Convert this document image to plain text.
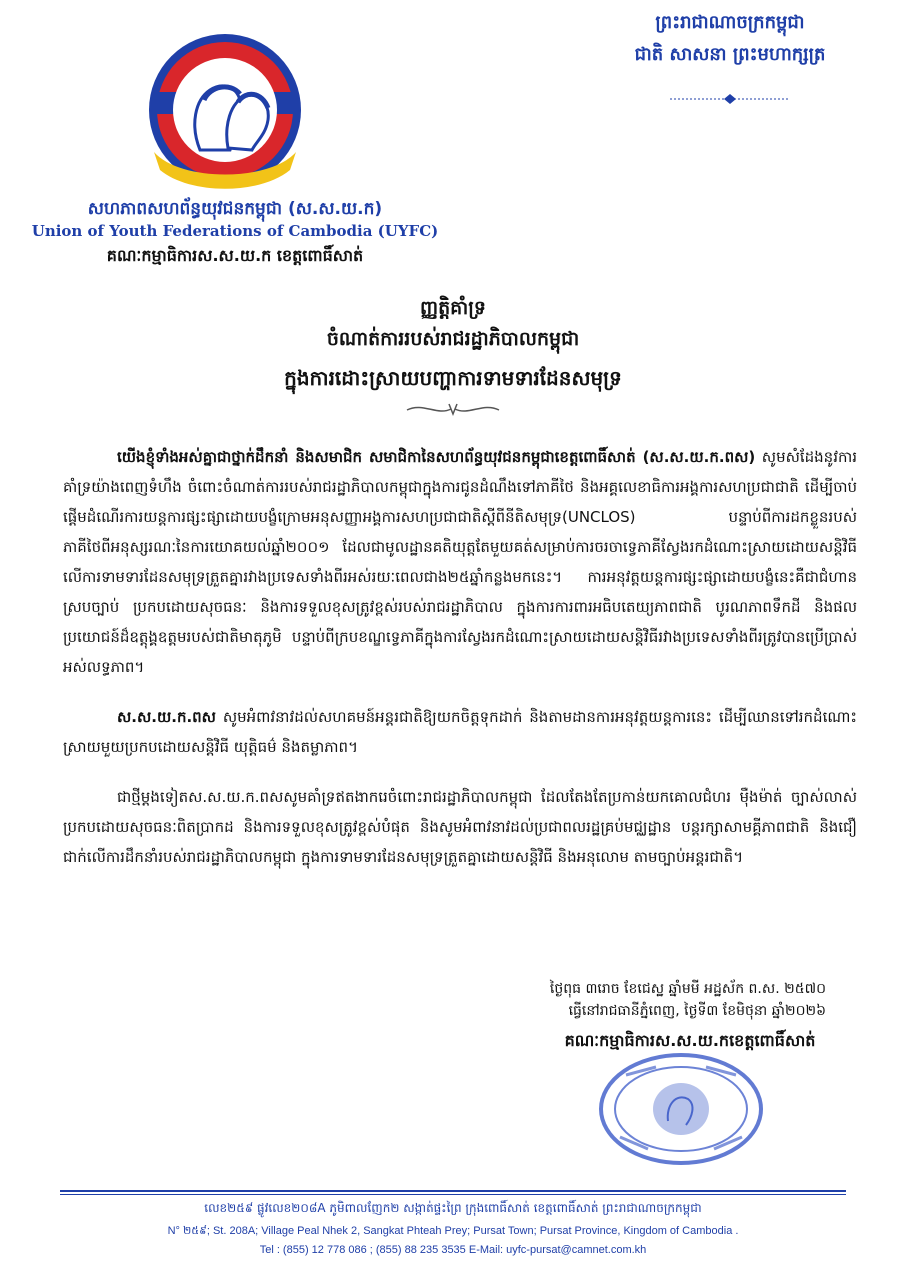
ព្រះរាជាណាចក្រកម្ពុជា
ជាតិ សាសនា ព្រះមហាក្សត្រ
សហភាពសហព័ន្ធយុវជនកម្ពុជា (ស.ស.យ.ក)
Union of Youth Federations of Cambodia (UYFC)
គណៈកម្មាធិការស.ស.យ.ក ខេត្តពោធិ៍សាត់
ញ្ញត្តិគាំទ្រ
ចំណាត់ការរបស់រាជរដ្ឋាភិបាលកម្ពុជា
ក្នុងការដោះស្រាយបញ្ហាការទាមទារដែនសមុទ្រ

យើងខ្ញុំទាំងអស់គ្នាជាថ្នាក់ដឹកនាំ និងសមាជិក សមាជិកានៃសហព័ន្ធយុវជនកម្ពុជាខេត្តពោធិ៍សាត់ (ស.ស.យ.ក.ពស) សូមសំដែងនូវការគាំទ្រយ៉ាងពេញទំហឹង ចំពោះចំណាត់ការរបស់រាជរដ្ឋាភិបាលកម្ពុជាក្នុងការជូនដំណឹងទៅភាគីថៃ និងអគ្គលេខាធិការអង្គការសហប្រជាជាតិ ដើម្បីចាប់ផ្ដើមដំណើរការយន្តការផ្សះផ្សាដោយបង្ខំក្រោមអនុសញ្ញាអង្គការសហប្រជាជាតិស្ដីពីនីតិសមុទ្រ(UNCLOS) បន្ទាប់ពីការដកខ្លួនរបស់ភាគីថៃពីអនុស្សរណៈនៃការយោគយល់ឆ្នាំ២០០១ ដែលជាមូលដ្ឋានគតិយុត្តតែមួយគត់សម្រាប់ការចរចាទ្វេភាគីស្វែងរកដំណោះស្រាយដោយសន្តិវិធី លើការទាមទារដែនសមុទ្រត្រួតគ្នារវាងប្រទេសទាំងពីរអស់រយៈពេលជាង២៥ឆ្នាំកន្លងមកនេះ។ ការអនុវត្តយន្តការផ្សះផ្សាដោយបង្ខំនេះគឺជាជំហានស្របច្បាប់ ប្រកបដោយសុចធនៈ និងការទទួលខុសត្រូវខ្ពស់របស់រាជរដ្ឋាភិបាល ក្នុងការការពារអធិបតេយ្យភាពជាតិ បូរណភាពទឹកដី និងផលប្រយោជន៍ដ៏ឧត្តុង្គឧត្តមរបស់ជាតិមាតុភូមិ បន្ទាប់ពីក្របខណ្ឌទ្វេភាគីក្នុងការស្វែងរកដំណោះស្រាយដោយសន្តិវិធីរវាងប្រទេសទាំងពីរត្រូវបានប្រើប្រាស់អស់លទ្ធភាព។

ស.ស.យ.ក.ពស សូមអំពាវនាវដល់សហគមន៍អន្តរជាតិឱ្យយកចិត្តទុកដាក់ និងតាមដានការអនុវត្តយន្តការនេះ ដើម្បីឈានទៅរកដំណោះស្រាយមួយប្រកបដោយសន្តិវិធី យុត្តិធម៌ និងតម្លាភាព។

ជាថ្មីម្តងទៀតស.ស.យ.ក.ពសសូមគាំទ្រឥតងាករេចំពោះរាជរដ្ឋាភិបាលកម្ពុជា ដែលតែងតែប្រកាន់យកគោលជំហរ ម៉ឺងម៉ាត់ ច្បាស់លាស់ ប្រកបដោយសុចធនៈពិតប្រាកដ និងការទទួលខុសត្រូវខ្ពស់បំផុត និងសូមអំពាវនាវដល់ប្រជាពលរដ្ឋគ្រប់មជ្ឈដ្ឋាន បន្តរក្សាសាមគ្គីភាពជាតិ និងជឿជាក់លើការដឹកនាំរបស់រាជរដ្ឋាភិបាលកម្ពុជា ក្នុងការទាមទារដែនសមុទ្រត្រួតគ្នាដោយសន្តិវិធី និងអនុលោម តាមច្បាប់អន្តរជាតិ។

ថ្ងៃពុធ ៣រោច ខែជេស្ឋ ឆ្នាំមមី អដ្ឋស័ក ព.ស. ២៥៧០
ធ្វើនៅរាជធានីភ្នំពេញ, ថ្ងៃទី៣ ខែមិថុនា ឆ្នាំ២០២៦
គណៈកម្មាធិការស.ស.យ.កខេត្តពោធិ៍សាត់
លេខ២៥៩ ផ្លូវលេខ២០៨A ភូមិពាលញែក២ សង្កាត់ផ្ទះព្រៃ ក្រុងពោធិ៍សាត់ ខេត្តពោធិ៍សាត់ ព្រះរាជាណាចក្រកម្ពុជា
N° ២៥៩; St. 208A; Village Peal Nhek 2, Sangkat Phteah Prey; Pursat Town; Pursat Province, Kingdom of Cambodia .
Tel : (855) 12 778 086 ; (855) 88 235 3535 E-Mail: uyfc-pursat@camnet.com.kh
